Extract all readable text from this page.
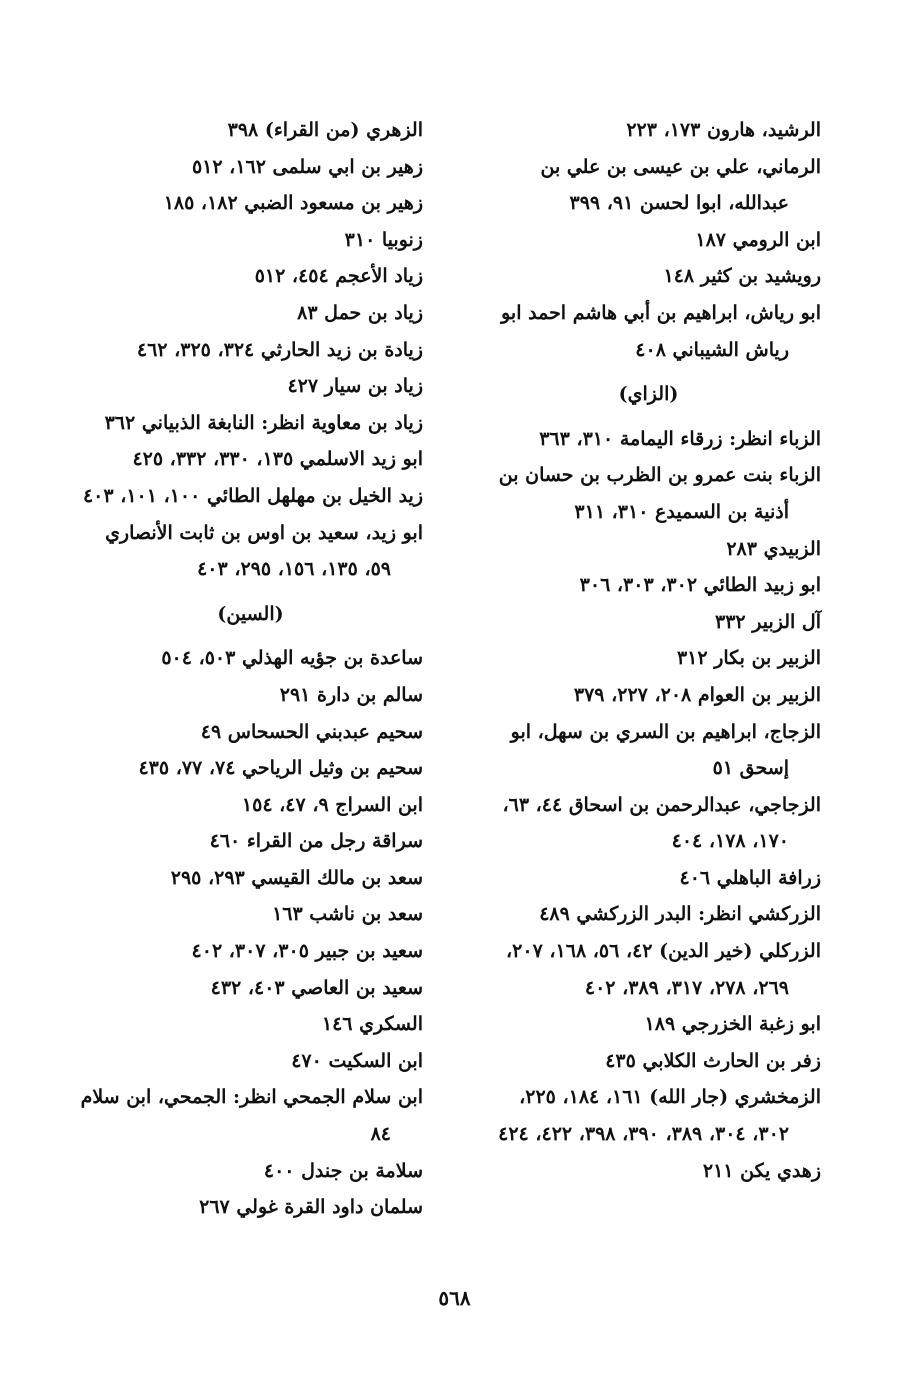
الرشيد، هارون ١٧٣، ٢٢٣
الرماني، علي بن عيسى بن علي بن عبدالله، ابوا لحسن ٩١، ٣٩٩
ابن الرومي ١٨٧
رويشيد بن كثير ١٤٨
ابو رياش، ابراهيم بن أبي هاشم احمد ابو رياش الشيباني ٤٠٨
(الزاي)
الزباء انظر: زرقاء اليمامة ٣١٠، ٣٦٣
الزباء بنت عمرو بن الظرب بن حسان بن أذنية بن السميدع ٣١٠، ٣١١
الزبيدي ٢٨٣
ابو زبيد الطائي ٣٠٢، ٣٠٣، ٣٠٦
آل الزبير ٣٣٢
الزبير بن بكار ٣١٢
الزبير بن العوام ٢٠٨، ٢٢٧، ٣٧٩
الزجاج، ابراهيم بن السري بن سهل، ابو إسحق ٥١
الزجاجي، عبدالرحمن بن اسحاق ٤٤، ٦٣، ١٧٠، ١٧٨، ٤٠٤
زرافة الباهلي ٤٠٦
الزركشي انظر: البدر الزركشي ٤٨٩
الزركلي (خير الدين) ٤٢، ٥٦، ١٦٨، ٢٠٧، ٢٦٩، ٢٧٨، ٣١٧، ٣٨٩، ٤٠٢
ابو زغبة الخزرجي ١٨٩
زفر بن الحارث الكلابي ٤٣٥
الزمخشري (جار الله) ١٦١، ١٨٤، ٢٢٥، ٣٠٢، ٣٠٤، ٣٨٩، ٣٩٠، ٣٩٨، ٤٢٢، ٤٢٤
زهدي يكن ٢١١
الزهري (من القراء) ٣٩٨
زهير بن ابي سلمى ١٦٢، ٥١٢
زهير بن مسعود الضبي ١٨٢، ١٨٥
زنوبيا ٣١٠
زياد الأعجم ٤٥٤، ٥١٢
زياد بن حمل ٨٣
زيادة بن زيد الحارثي ٣٢٤، ٣٢٥، ٤٦٢
زياد بن سيار ٤٢٧
زياد بن معاوية انظر: النابغة الذبياني ٣٦٢
ابو زيد الاسلمي ١٣٥، ٣٣٠، ٣٣٢، ٤٢٥
زيد الخيل بن مهلهل الطائي ١٠٠، ١٠١، ٤٠٣
ابو زيد، سعيد بن اوس بن ثابت الأنصاري ٥٩، ١٣٥، ١٥٦، ٢٩٥، ٤٠٣
(السين)
ساعدة بن جؤيه الهذلي ٥٠٣، ٥٠٤
سالم بن دارة ٢٩١
سحيم عبدبني الحسحاس ٤٩
سحيم بن وثيل الرياحي ٧٤، ٧٧، ٤٣٥
ابن السراج ٩، ٤٧، ١٥٤
سراقة رجل من القراء ٤٦٠
سعد بن مالك القيسي ٢٩٣، ٢٩٥
سعد بن ناشب ١٦٣
سعيد بن جبير ٣٠٥، ٣٠٧، ٤٠٢
سعيد بن العاصي ٤٠٣، ٤٣٢
السكري ١٤٦
ابن السكيت ٤٧٠
ابن سلام الجمحي انظر: الجمحي، ابن سلام ٨٤
سلامة بن جندل ٤٠٠
سلمان داود القرة غولي ٢٦٧
٥٦٨
